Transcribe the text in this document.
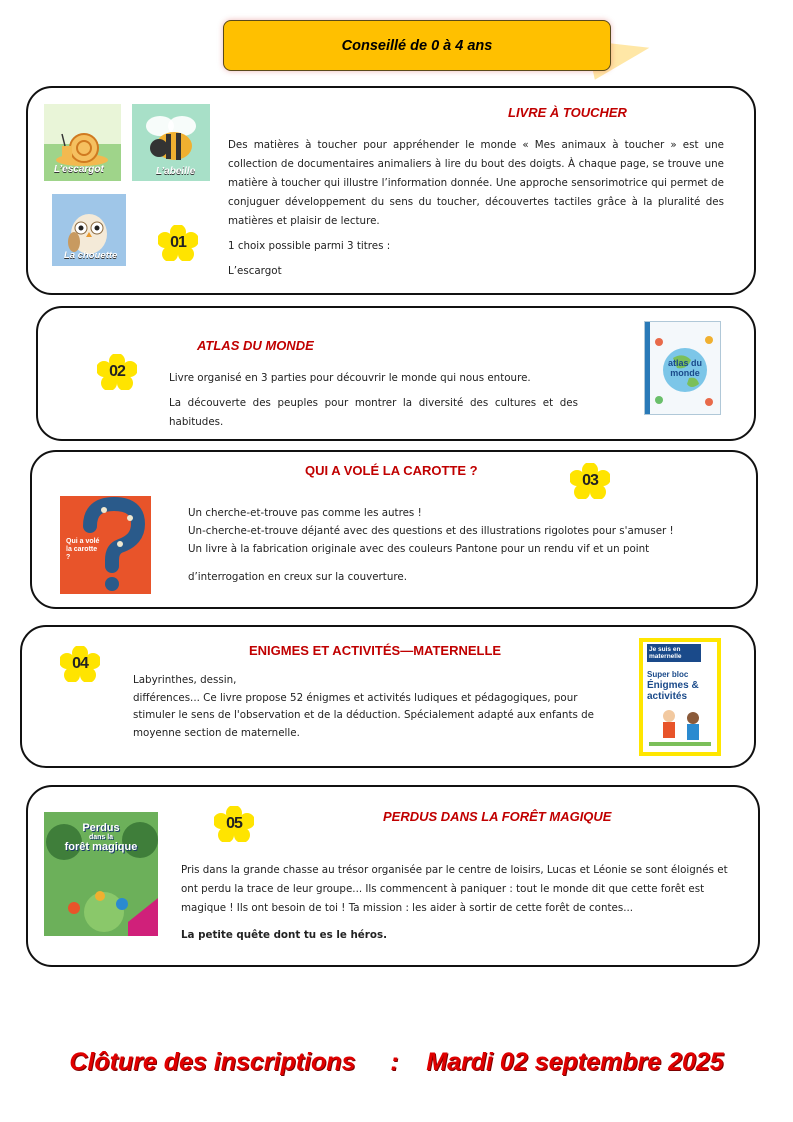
Conseillé de 0 à 4 ans
L’escargot	L’abeille
La chouette
01
LIVRE À TOUCHER

Des matières à toucher pour appréhender le monde « Mes animaux à toucher » est une collection de documentaires animaliers à lire du bout des doigts. À chaque page, se trouve une matière à toucher qui illustre l’information donnée. Une approche sensorimotrice qui permet de conjuguer développement du sens du toucher, découvertes tactiles grâce à la pluralité des matières et plaisir de lecture.

1 choix possible parmi 3 titres :

L’escargot

02
ATLAS DU MONDE

Livre organisé en 3 parties pour découvrir le monde qui nous entoure.

La découverte des peuples pour montrer la diversité des cultures et des habitudes.

atlas du monde
QUI A VOLÉ LA CAROTTE ?
03
Qui a volé la carotte ?
Un cherche-et-trouve pas comme les autres !
Un-cherche-et-trouve déjanté avec des questions et des illustrations rigolotes pour s'amuser !
Un livre à la fabrication originale avec des couleurs Pantone pour un rendu vif et un point
d’interrogation en creux sur la couverture.
04
ENIGMES ET ACTIVITÉS—MATERNELLE
Labyrinthes, dessin,
différences... Ce livre propose 52 énigmes et activités ludiques et pédagogiques, pour stimuler le sens de l'observation et de la déduction. Spécialement adapté aux enfants de moyenne section de maternelle.
Je suis en maternelle
Super bloc
Énigmes & activités
Perdus
dans la
forêt magique
05	PERDUS DANS LA FORÊT MAGIQUE

Pris dans la grande chasse au trésor organisée par le centre de loisirs, Lucas et Léonie se sont éloignés et ont perdu la trace de leur groupe... Ils commencent à paniquer : tout le monde dit que cette forêt est magique ! Ils ont besoin de toi ! Ta mission : les aider à sortir de cette forêt de contes...

La petite quête dont tu es le héros.

Clôture des inscriptions     :    Mardi 02 septembre 2025
